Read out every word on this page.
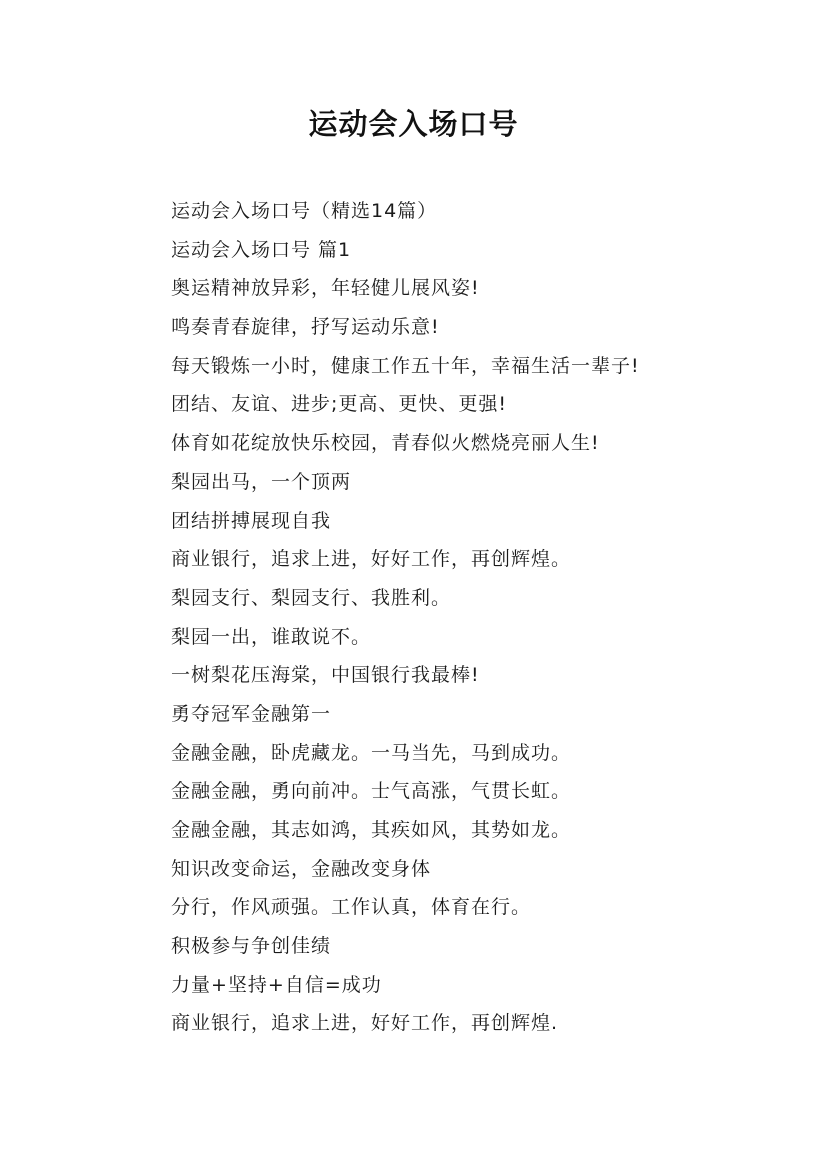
运动会入场口号
运动会入场口号（精选14篇）
运动会入场口号 篇1
奥运精神放异彩，年轻健儿展风姿!
鸣奏青春旋律，抒写运动乐意!
每天锻炼一小时，健康工作五十年，幸福生活一辈子!
团结、友谊、进步;更高、更快、更强!
体育如花绽放快乐校园，青春似火燃烧亮丽人生!
梨园出马，一个顶两
团结拼搏展现自我
商业银行，追求上进，好好工作，再创辉煌。
梨园支行、梨园支行、我胜利。
梨园一出，谁敢说不。
一树梨花压海棠，中国银行我最棒!
勇夺冠军金融第一
金融金融，卧虎藏龙。一马当先，马到成功。
金融金融，勇向前冲。士气高涨，气贯长虹。
金融金融，其志如鸿，其疾如风，其势如龙。
知识改变命运，金融改变身体
分行，作风顽强。工作认真，体育在行。
积极参与争创佳绩
力量+坚持+自信=成功
商业银行，追求上进，好好工作，再创辉煌.
